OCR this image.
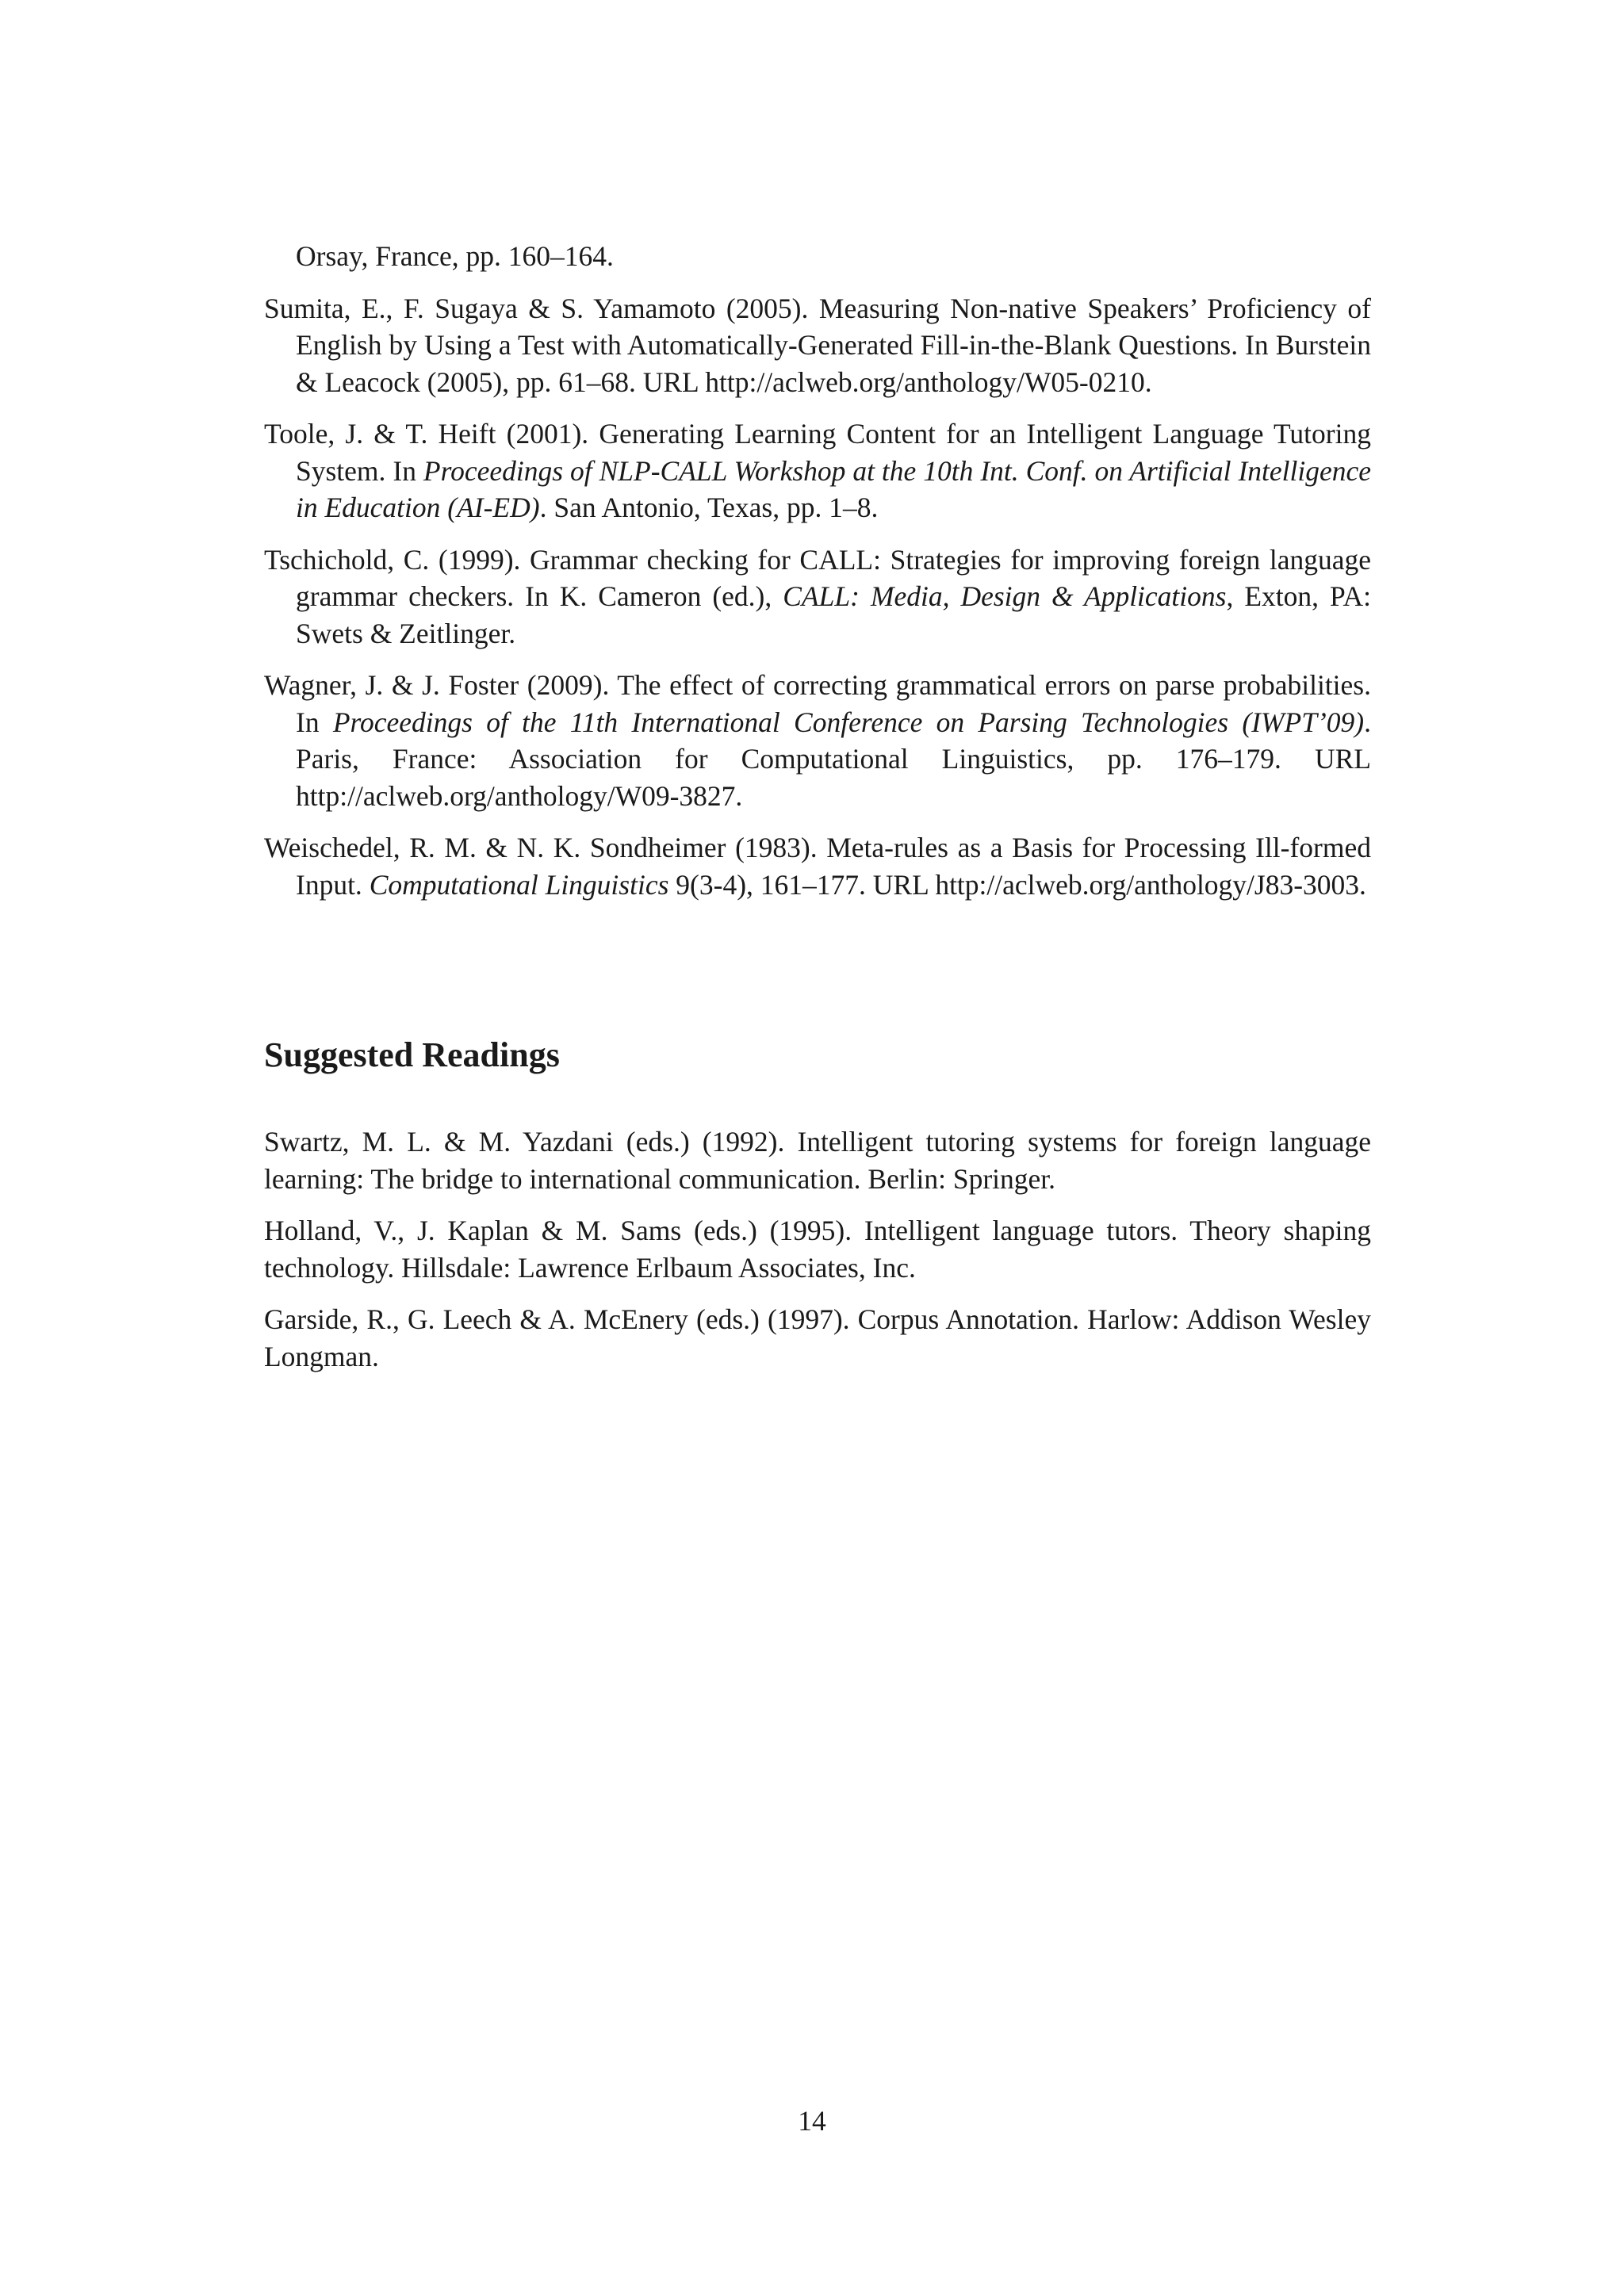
Orsay, France, pp. 160–164.

Sumita, E., F. Sugaya & S. Yamamoto (2005). Measuring Non-native Speakers’ Proficiency of English by Using a Test with Automatically-Generated Fill-in-the-Blank Questions. In Burstein & Leacock (2005), pp. 61–68. URL http://aclweb.org/anthology/W05-0210.

Toole, J. & T. Heift (2001). Generating Learning Content for an Intelligent Language Tutoring System. In Proceedings of NLP-CALL Workshop at the 10th Int. Conf. on Artificial Intelligence in Education (AI-ED). San Antonio, Texas, pp. 1–8.

Tschichold, C. (1999). Grammar checking for CALL: Strategies for improving foreign language grammar checkers. In K. Cameron (ed.), CALL: Media, Design & Applications, Exton, PA: Swets & Zeitlinger.

Wagner, J. & J. Foster (2009). The effect of correcting grammatical errors on parse probabilities. In Proceedings of the 11th International Conference on Parsing Technologies (IWPT’09). Paris, France: Association for Computational Linguistics, pp. 176–179. URL http://aclweb.org/anthology/W09-3827.

Weischedel, R. M. & N. K. Sondheimer (1983). Meta-rules as a Basis for Processing Ill-formed Input. Computational Linguistics 9(3-4), 161–177. URL http://aclweb.org/anthology/J83-3003.

Suggested Readings

Swartz, M. L. & M. Yazdani (eds.) (1992). Intelligent tutoring systems for foreign language learning: The bridge to international communication. Berlin: Springer.

Holland, V., J. Kaplan & M. Sams (eds.) (1995). Intelligent language tutors. Theory shaping technology. Hillsdale: Lawrence Erlbaum Associates, Inc.

Garside, R., G. Leech & A. McEnery (eds.) (1997). Corpus Annotation. Harlow: Addison Wesley Longman.

14
